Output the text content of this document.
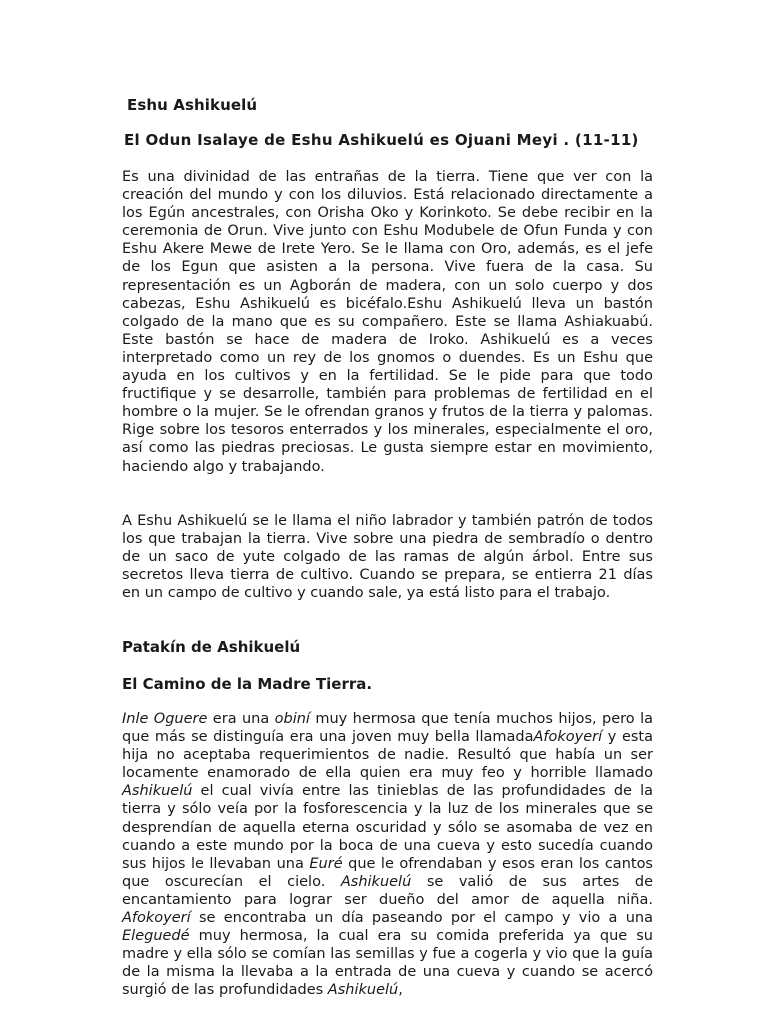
Eshu Ashikuelú
El Odun Isalaye de Eshu Ashikuelú es Ojuani Meyi . (11-11)
Es una divinidad de las entrañas de la tierra. Tiene que ver con la creación del mundo y con los diluvios. Está relacionado directamente a los Egún ancestrales, con Orisha Oko y Korinkoto. Se debe recibir en la ceremonia de Orun. Vive junto con Eshu Modubele de Ofun Funda y con Eshu Akere Mewe de Irete Yero. Se le llama con Oro, además, es el jefe de los Egun que asisten a la persona. Vive fuera de la casa. Su representación es un Agborán de madera, con un solo cuerpo y dos cabezas, Eshu Ashikuelú es bicéfalo.Eshu Ashikuelú lleva un bastón colgado de la mano que es su compañero. Este se llama Ashiakuabú. Este bastón se hace de madera de Iroko. Ashikuelú es a veces interpretado como un rey de los gnomos o duendes. Es un Eshu que ayuda en los cultivos y en la fertilidad. Se le pide para que todo fructifique y se desarrolle, también para problemas de fertilidad en el hombre o la mujer. Se le ofrendan granos y frutos de la tierra y palomas. Rige sobre los tesoros enterrados y los minerales, especialmente el oro, así como las piedras preciosas. Le gusta siempre estar en movimiento, haciendo algo y trabajando.
A Eshu Ashikuelú se le llama el niño labrador y también patrón de todos los que trabajan la tierra. Vive sobre una piedra de sembradío o dentro de un saco de yute colgado de las ramas de algún árbol. Entre sus secretos lleva tierra de cultivo. Cuando se prepara, se entierra 21 días en un campo de cultivo y cuando sale, ya está listo para el trabajo.
Patakín de Ashikuelú
El Camino de la Madre Tierra.
Inle Oguere era una obiní muy hermosa que tenía muchos hijos, pero la que más se distinguía era una joven muy bella llamadaAfokoyerí y esta hija no aceptaba requerimientos de nadie. Resultó que había un ser locamente enamorado de ella quien era muy feo y horrible llamado Ashikuelú el cual vivía entre las tinieblas de las profundidades de la tierra y sólo veía por la fosforescencia y la luz de los minerales que se desprendían de aquella eterna oscuridad y sólo se asomaba de vez en cuando a este mundo por la boca de una cueva y esto sucedía cuando sus hijos le llevaban una Euré que le ofrendaban y esos eran los cantos que oscurecían el cielo. Ashikuelú se valió de sus artes de encantamiento para lograr ser dueño del amor de aquella niña. Afokoyerí se encontraba un día paseando por el campo y vio a una Eleguedé muy hermosa, la cual era su comida preferida ya que su madre y ella sólo se comían las semillas y fue a cogerla y vio que la guía de la misma la llevaba a la entrada de una cueva y cuando se acercó surgió de las profundidades Ashikuelú,
